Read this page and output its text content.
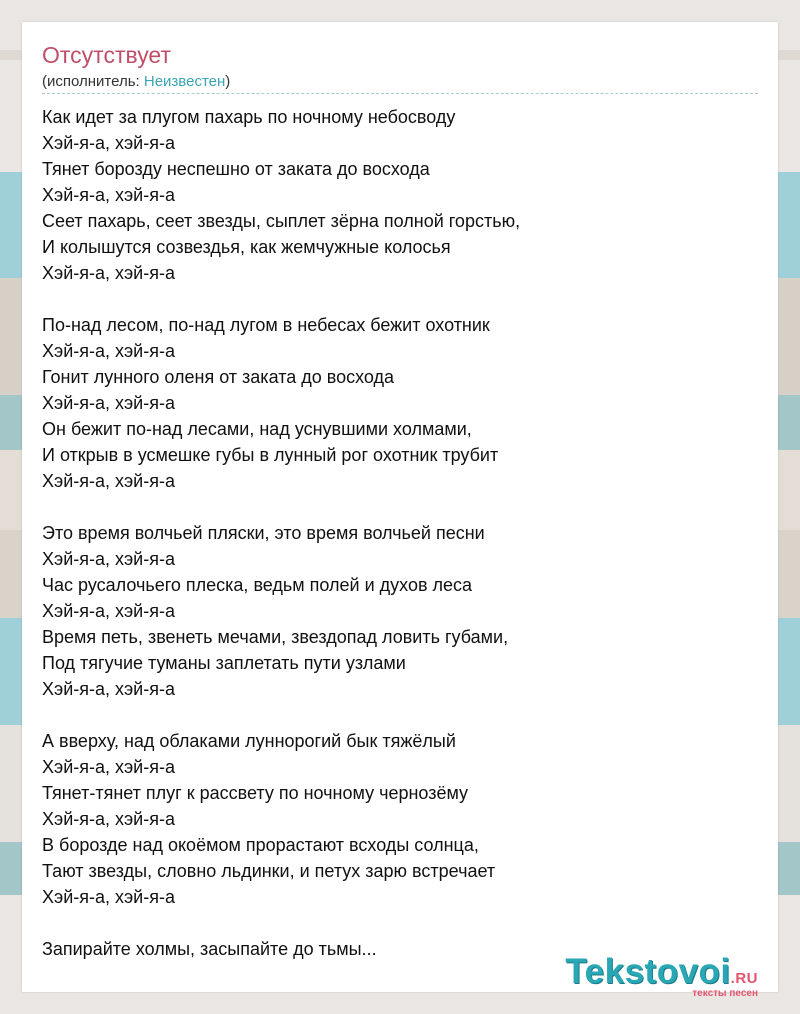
Отсутствует
(исполнитель: Неизвестен)
Как идет за плугом пахарь по ночному небосводу
Хэй-я-а, хэй-я-а
Тянет борозду неспешно от заката до восхода
Хэй-я-а, хэй-я-а
Сеет пахарь, сеет звезды, сыплет зёрна полной горстью,
И колышутся созвездья, как жемчужные колосья
Хэй-я-а, хэй-я-а
По-над лесом, по-над лугом в небесах бежит охотник
Хэй-я-а, хэй-я-а
Гонит лунного оленя от заката до восхода
Хэй-я-а, хэй-я-а
Он бежит по-над лесами, над уснувшими холмами,
И открыв в усмешке губы в лунный рог охотник трубит
Хэй-я-а, хэй-я-а
Это время волчьей пляски, это время волчьей песни
Хэй-я-а, хэй-я-а
Час русалочьего плеска, ведьм полей и духов леса
Хэй-я-а, хэй-я-а
Время петь, звенеть мечами, звездопад ловить губами,
Под тягучие туманы заплетать пути узлами
Хэй-я-а, хэй-я-а
А вверху, над облаками луннорогий бык тяжёлый
Хэй-я-а, хэй-я-а
Тянет-тянет плуг к рассвету по ночному чернозёму
Хэй-я-а, хэй-я-а
В борозде над окоёмом прорастают всходы солнца,
Тают звезды, словно льдинки, и петух зарю встречает
Хэй-я-а, хэй-я-а
Запирайте холмы, засыпайте до тьмы...
Tekstovoi.RU
тексты песен
